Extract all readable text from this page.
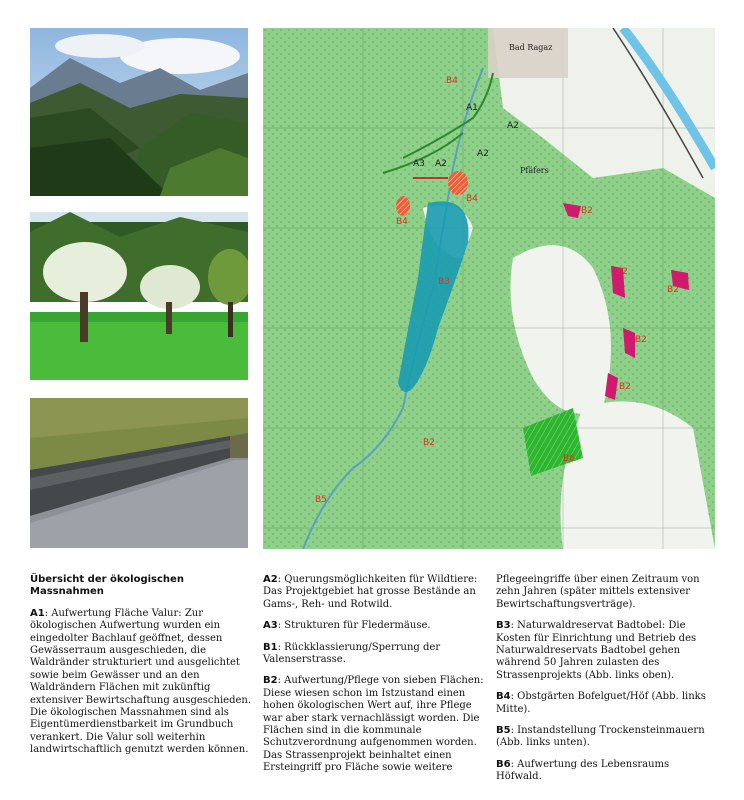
Bad Ragaz
B4
A1
A2
A3 A2
A2
Pfäfers
B4
B4
B2
B3
B2
B2
B2
B2
B2
B6
B5
Übersicht der ökologischen Massnahmen

A1: Aufwertung Fläche Valur: Zur ökologischen Aufwertung wurden ein eingedolter Bachlauf geöffnet, dessen Gewässerraum ausgeschieden, die Waldränder strukturiert und ausgelichtet sowie beim Gewässer und an den Waldrändern Flächen mit zukünftig extensiver Bewirtschaftung ausgeschieden. Die ökologischen Massnahmen sind als Eigentümerdienstbarkeit im Grundbuch verankert. Die Valur soll weiterhin landwirtschaftlich genutzt werden können.

A2: Querungsmöglichkeiten für Wildtiere: Das Projektgebiet hat grosse Bestände an Gams-, Reh- und Rotwild.

A3: Strukturen für Fledermäuse.

B1: Rückklassierung/Sperrung der Valenserstrasse.

B2: Aufwertung/Pflege von sieben Flächen: Diese wiesen schon im Istzustand einen hohen ökologischen Wert auf, ihre Pflege war aber stark vernachlässigt worden. Die Flächen sind in die kommunale Schutzverordnung aufgenommen worden. Das Strassenprojekt beinhaltet einen Ersteingriff pro Fläche sowie weitere

Pflegeeingriffe über einen Zeitraum von zehn Jahren (später mittels extensiver Bewirtschaftungsverträge).

B3: Naturwaldreservat Badtobel: Die Kosten für Einrichtung und Betrieb des Naturwaldreservats Badtobel gehen während 50 Jahren zulasten des Strassenprojekts (Abb. links oben).

B4: Obstgärten Bofelguet/Höf (Abb. links Mitte).

B5: Instandstellung Trockensteinmauern (Abb. links unten).

B6: Aufwertung des Lebensraums Höfwald.
